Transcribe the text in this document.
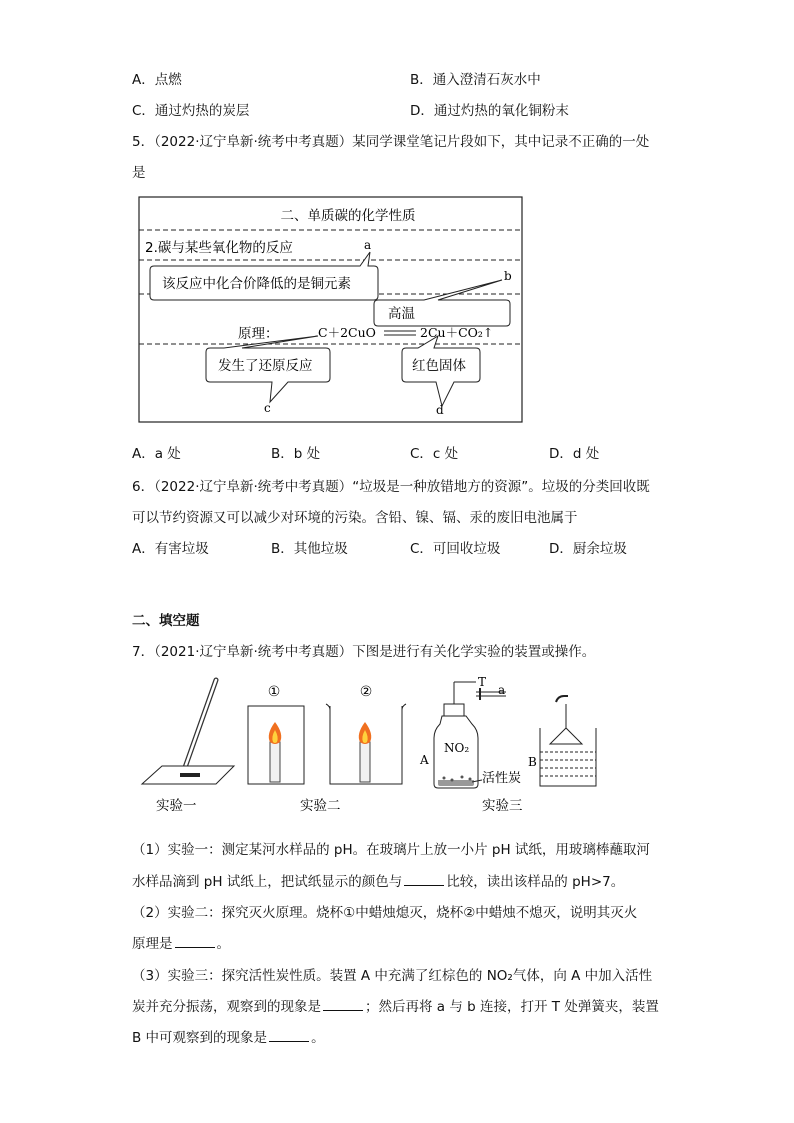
A．点燃	B．通入澄清石灰水中
C．通过灼热的炭层	D．通过灼热的氧化铜粉末
5．（2022·辽宁阜新·统考中考真题）某同学课堂笔记片段如下，其中记录不正确的一处
是
二、单质碳的化学性质
2.碳与某些氧化物的反应
该反应中化合价降低的是铜元素
a
高温
b
原理：	C＋2CuO	2Cu＋CO₂↑
发生了还原反应
c
红色固体
d
A．a 处	B．b 处	C．c 处	D．d 处
6．（2022·辽宁阜新·统考中考真题）“垃圾是一种放错地方的资源”。垃圾的分类回收既
可以节约资源又可以减少对环境的污染。含铅、镍、镉、汞的废旧电池属于
A．有害垃圾	B．其他垃圾	C．可回收垃圾	D．厨余垃圾
二、填空题
7．（2021·辽宁阜新·统考中考真题）下图是进行有关化学实验的装置或操作。
实验一
①	②
实验二
T
a
NO₂
A
活性炭
B
实验三
（1）实验一：测定某河水样品的 pH。在玻璃片上放一小片 pH 试纸，用玻璃棒蘸取河
水样品滴到 pH 试纸上，把试纸显示的颜色与	比较，读出该样品的 pH>7。
（2）实验二：探究灭火原理。烧杯①中蜡烛熄灭，烧杯②中蜡烛不熄灭，说明其灭火
原理是	。
（3）实验三：探究活性炭性质。装置 A 中充满了红棕色的 NO₂气体，向 A 中加入活性
炭并充分振荡，观察到的现象是	；然后再将 a 与 b 连接，打开 T 处弹簧夹，装置
B 中可观察到的现象是	。
